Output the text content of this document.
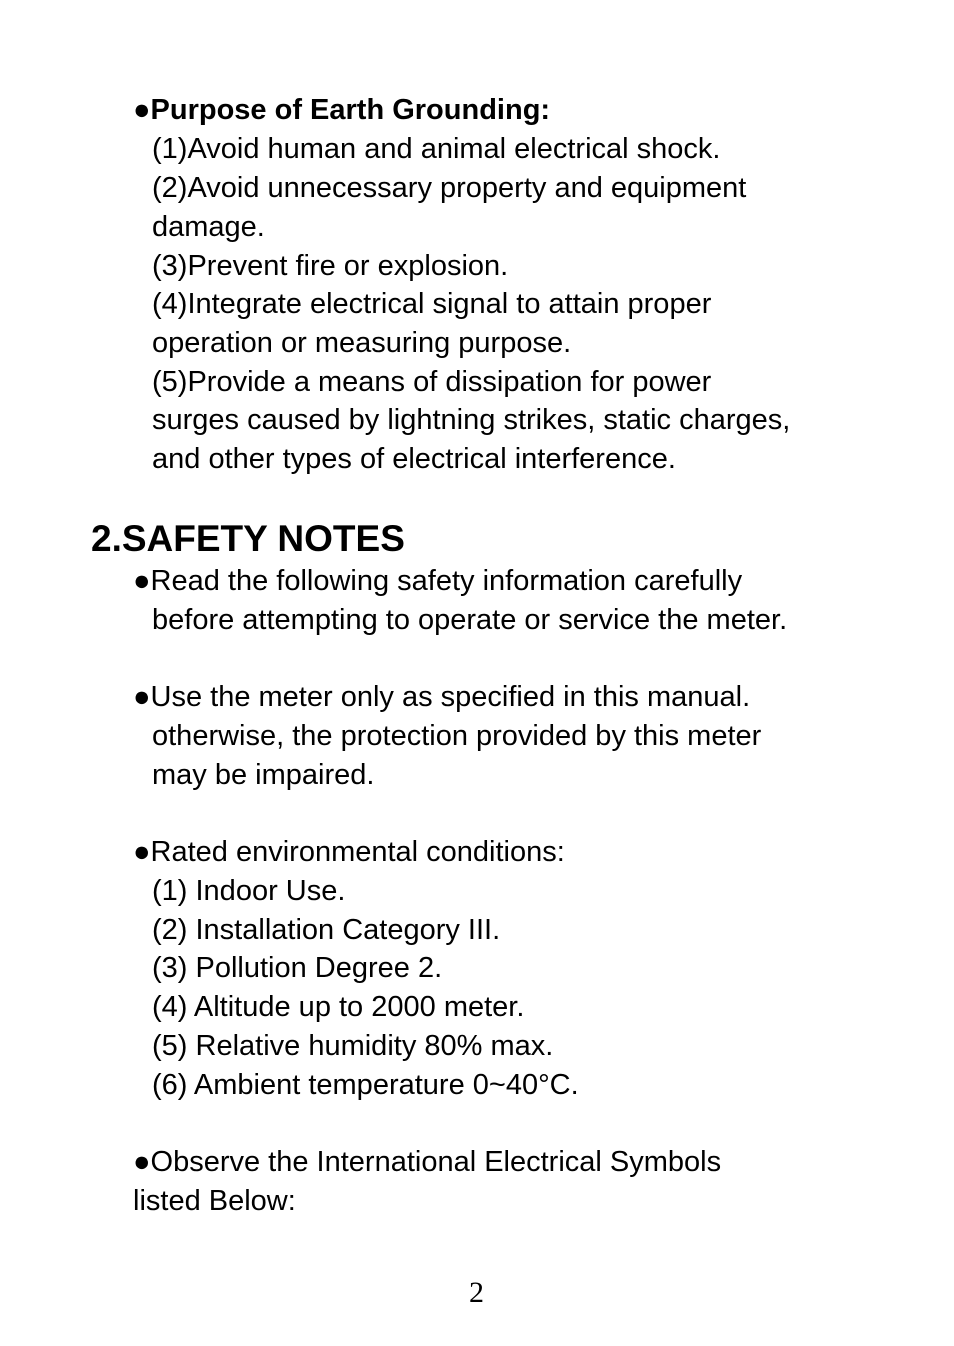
●Purpose of Earth Grounding:
(1)Avoid human and animal electrical shock.
(2)Avoid unnecessary property and equipment
damage.
(3)Prevent fire or explosion.
(4)Integrate electrical signal to attain proper
operation or measuring purpose.
(5)Provide a means of dissipation for power
surges caused by lightning strikes, static charges,
and other types of electrical interference.
2.SAFETY NOTES
●Read the following safety information carefully
before attempting to operate or service the meter.
●Use the meter only as specified in this manual.
otherwise, the protection provided by this meter
may be impaired.
●Rated environmental conditions:
(1) Indoor Use.
(2) Installation Category III.
(3) Pollution Degree 2.
(4) Altitude up to 2000 meter.
(5) Relative humidity 80% max.
(6) Ambient temperature 0~40°C.
●Observe the International Electrical Symbols
listed Below:
2
